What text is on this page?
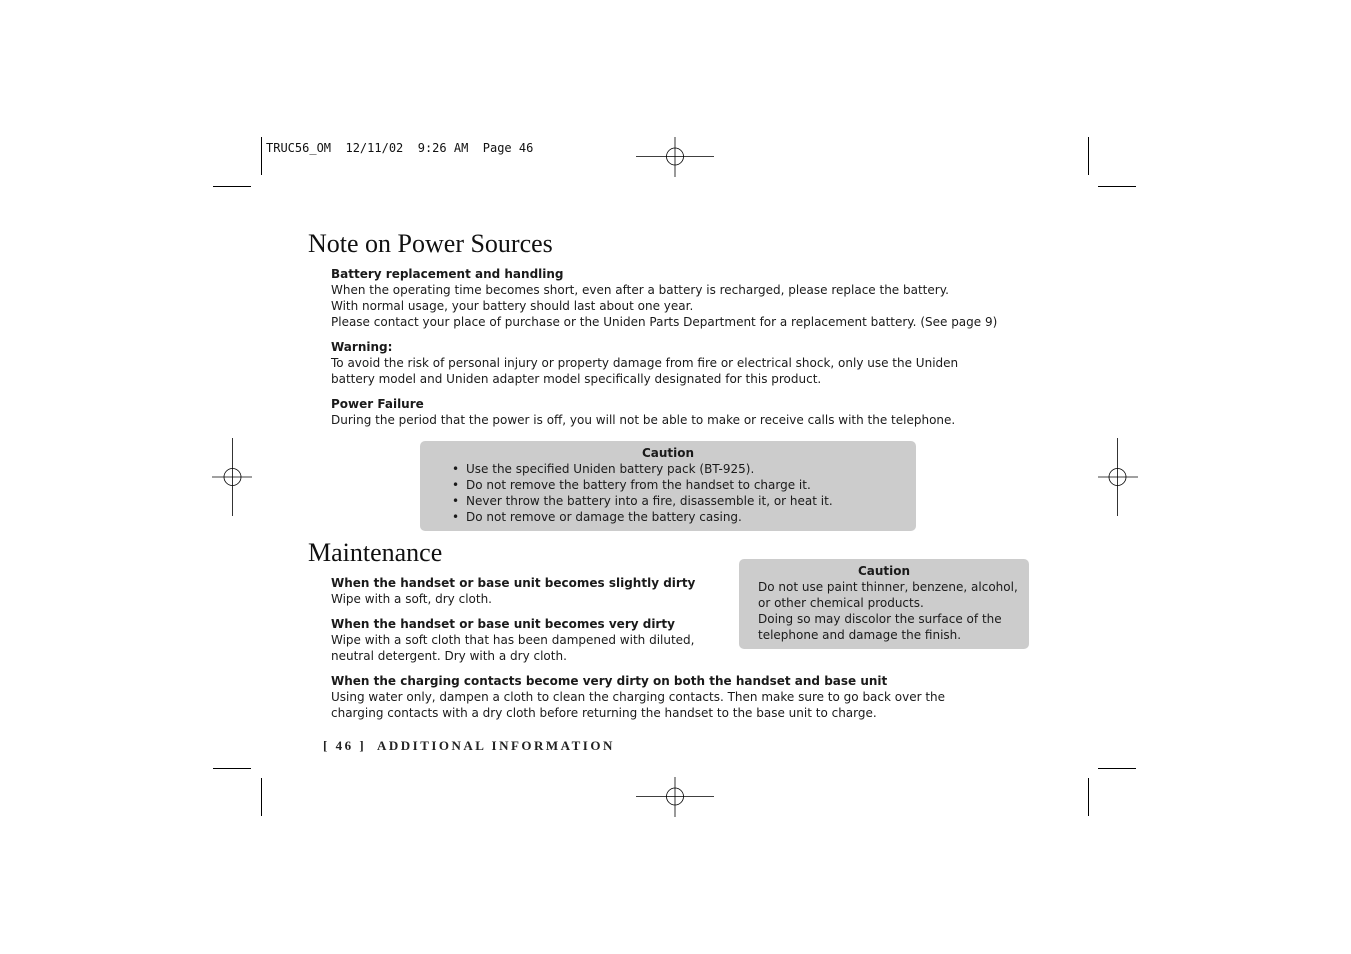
TRUC56_OM  12/11/02  9:26 AM  Page 46
Note on Power Sources
Battery replacement and handling
When the operating time becomes short, even after a battery is recharged, please replace the battery.
With normal usage, your battery should last about one year.
Please contact your place of purchase or the Uniden Parts Department for a replacement battery. (See page 9)
Warning:
To avoid the risk of personal injury or property damage from fire or electrical shock, only use the Uniden
battery model and Uniden adapter model specifically designated for this product.
Power Failure
During the period that the power is off, you will not be able to make or receive calls with the telephone.
Caution
• Use the specified Uniden battery pack (BT-925).
• Do not remove the battery from the handset to charge it.
• Never throw the battery into a fire, disassemble it, or heat it.
• Do not remove or damage the battery casing.
Maintenance
When the handset or base unit becomes slightly dirty
Wipe with a soft, dry cloth.
When the handset or base unit becomes very dirty
Wipe with a soft cloth that has been dampened with diluted,
neutral detergent. Dry with a dry cloth.
When the charging contacts become very dirty on both the handset and base unit
Using water only, dampen a cloth to clean the charging contacts. Then make sure to go back over the
charging contacts with a dry cloth before returning the handset to the base unit to charge.
Caution
Do not use paint thinner, benzene, alcohol,
or other chemical products.
Doing so may discolor the surface of the
telephone and damage the finish.
[ 46 ] ADDITIONAL INFORMATION
